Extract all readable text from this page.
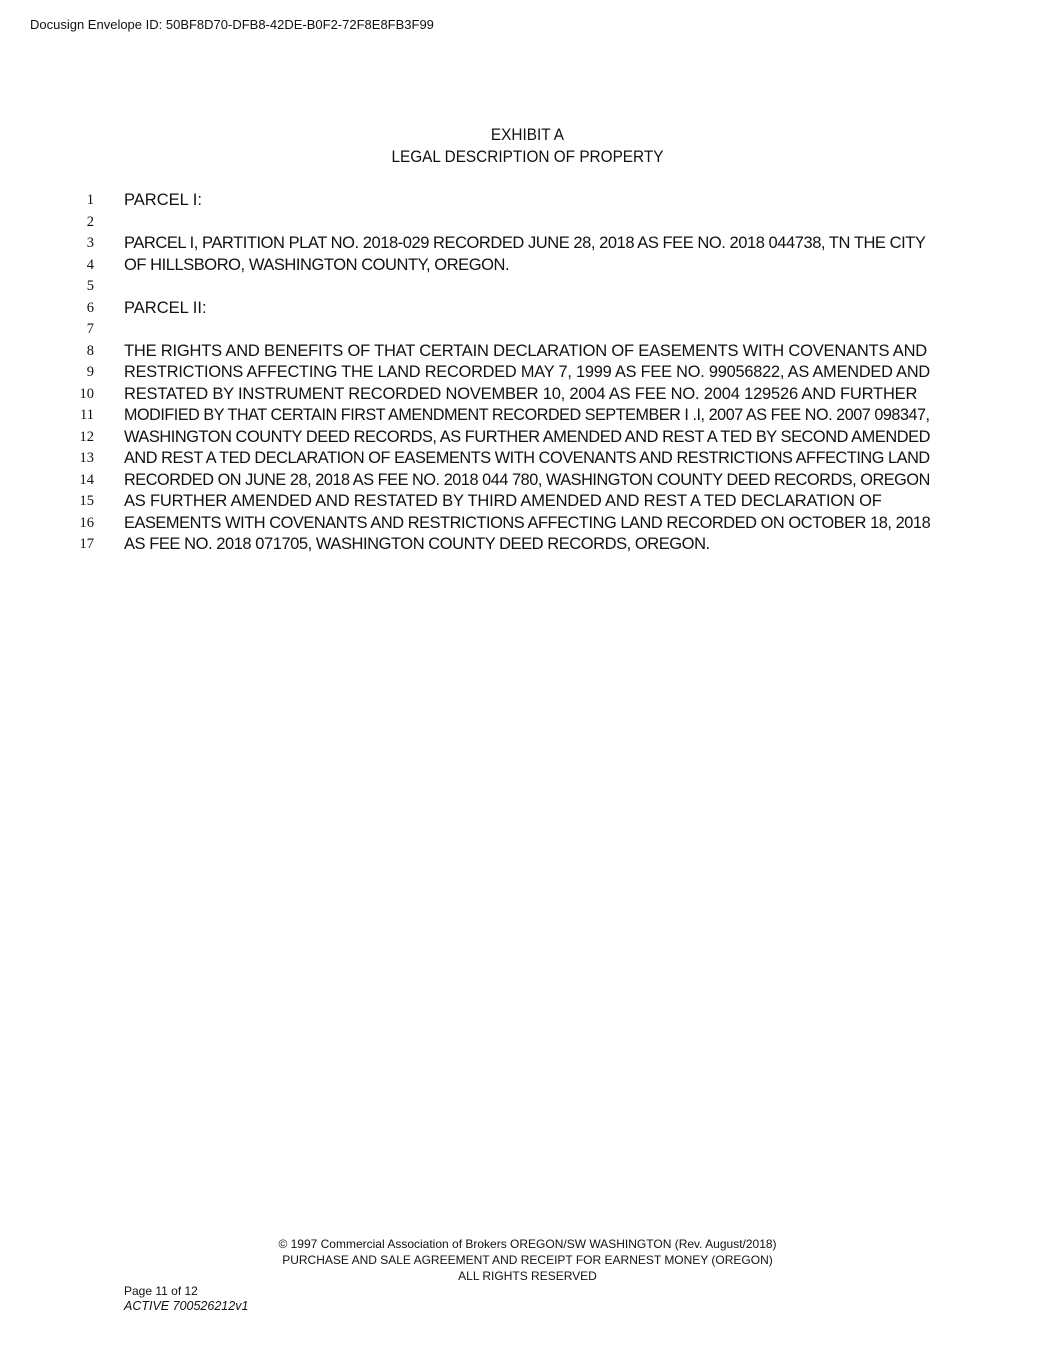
Docusign Envelope ID: 50BF8D70-DFB8-42DE-B0F2-72F8E8FB3F99
EXHIBIT A
LEGAL DESCRIPTION OF PROPERTY
1
2
3
4
5
6
7
8
9
10
11
12
13
14
15
16
17
PARCEL I:
PARCEL I, PARTITION PLAT NO. 2018-029 RECORDED JUNE 28, 2018 AS FEE NO. 2018 044738, TN THE CITY
OF HILLSBORO, WASHINGTON COUNTY, OREGON.
PARCEL II:
THE RIGHTS AND BENEFITS OF THAT CERTAIN DECLARATION OF EASEMENTS WITH COVENANTS AND
RESTRICTIONS AFFECTING THE LAND RECORDED MAY 7, 1999 AS FEE NO. 99056822, AS AMENDED AND
RESTATED BY INSTRUMENT RECORDED NOVEMBER 10, 2004 AS FEE NO. 2004 129526 AND FURTHER
MODIFIED BY THAT CERTAIN FIRST AMENDMENT RECORDED SEPTEMBER I .I, 2007 AS FEE NO. 2007 098347,
WASHINGTON COUNTY DEED RECORDS, AS FURTHER AMENDED AND REST A TED BY SECOND AMENDED
AND REST A TED DECLARATION OF EASEMENTS WITH COVENANTS AND RESTRICTIONS AFFECTING LAND
RECORDED ON JUNE 28, 2018 AS FEE NO. 2018 044 780, WASHINGTON COUNTY DEED RECORDS, OREGON
AS FURTHER AMENDED AND RESTATED BY THIRD AMENDED AND REST A TED DECLARATION OF
EASEMENTS WITH COVENANTS AND RESTRICTIONS AFFECTING LAND RECORDED ON OCTOBER 18, 2018
AS FEE NO. 2018 071705, WASHINGTON COUNTY DEED RECORDS, OREGON.
© 1997 Commercial Association of Brokers OREGON/SW WASHINGTON (Rev. August/2018)
PURCHASE AND SALE AGREEMENT AND RECEIPT FOR EARNEST MONEY (OREGON)
ALL RIGHTS RESERVED
Page 11 of 12
ACTIVE 700526212v1
